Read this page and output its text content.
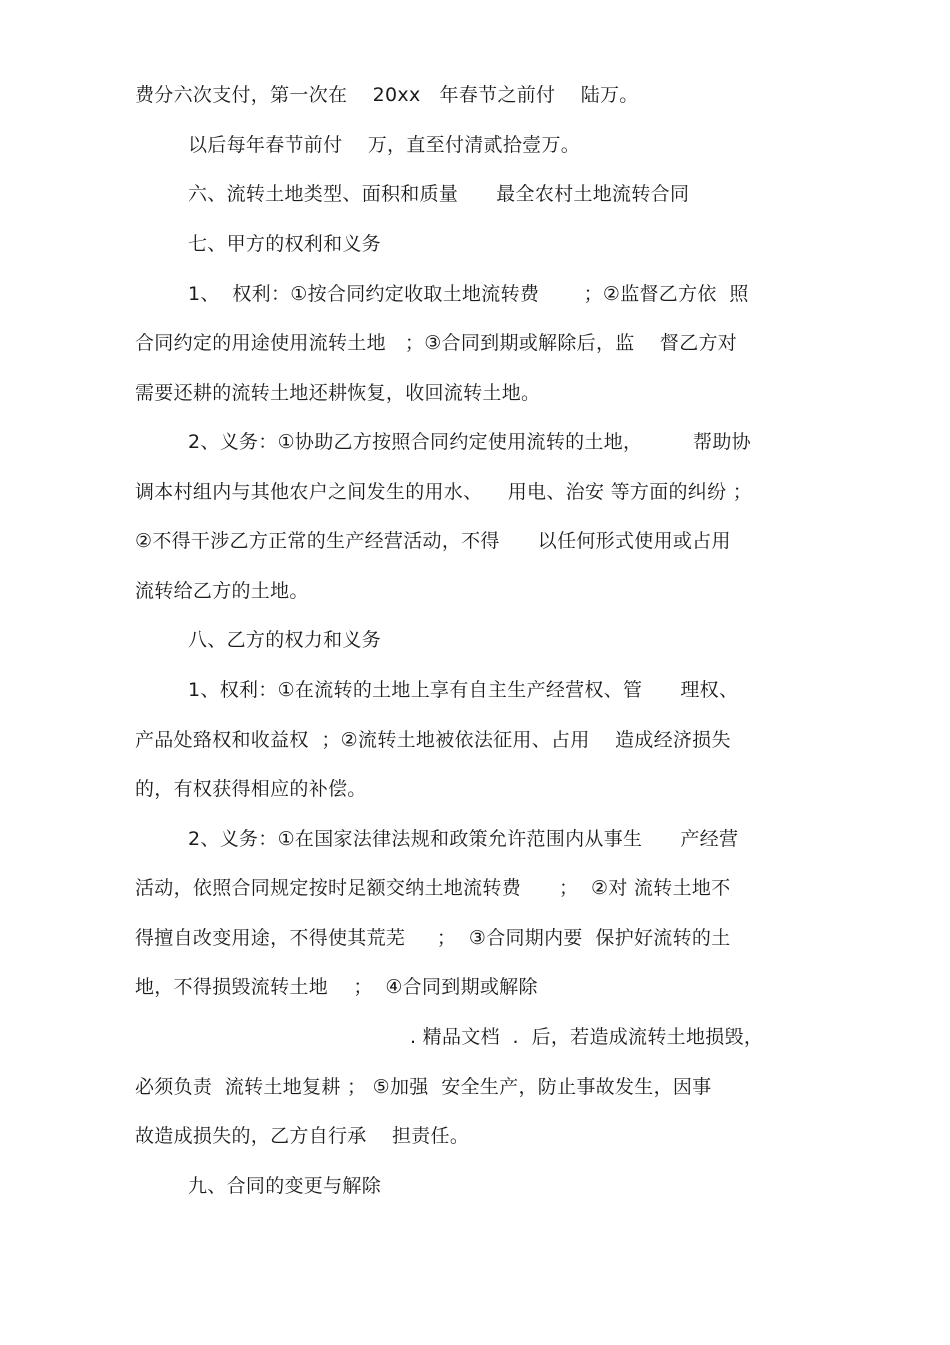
费分六次支付，第一次在    20xx   年春节之前付    陆万。
以后每年春节前付    万，直至付清贰拾壹万。
六、流转土地类型、面积和质量      最全农村土地流转合同
七、甲方的权利和义务
1、  权利：①按合同约定收取土地流转费       ；②监督乙方依  照
合同约定的用途使用流转土地   ；③合同到期或解除后，监    督乙方对
需要还耕的流转土地还耕恢复，收回流转土地。
2、义务：①协助乙方按照合同约定使用流转的土地，        帮助协
调本村组内与其他农户之间发生的用水、    用电、治安 等方面的纠纷 ；
②不得干涉乙方正常的生产经营活动，不得      以任何形式使用或占用
流转给乙方的土地。
八、乙方的权力和义务
1、权利：①在流转的土地上享有自主生产经营权、管      理权、
产品处臵权和收益权  ；②流转土地被依法征用、占用    造成经济损失
的，有权获得相应的补偿。
2、义务：①在国家法律法规和政策允许范围内从事生      产经营
活动，依照合同规定按时足额交纳土地流转费      ；  ②对 流转土地不
得擅自改变用途，不得使其荒芜     ；  ③合同期内要  保护好流转的土
地，不得损毁流转土地    ；  ④合同到期或解除
. 精品文档  .  后，若造成流转土地损毁，
必须负责  流转土地复耕 ； ⑤加强  安全生产，防止事故发生，因事
故造成损失的，乙方自行承    担责任。
九、合同的变更与解除
